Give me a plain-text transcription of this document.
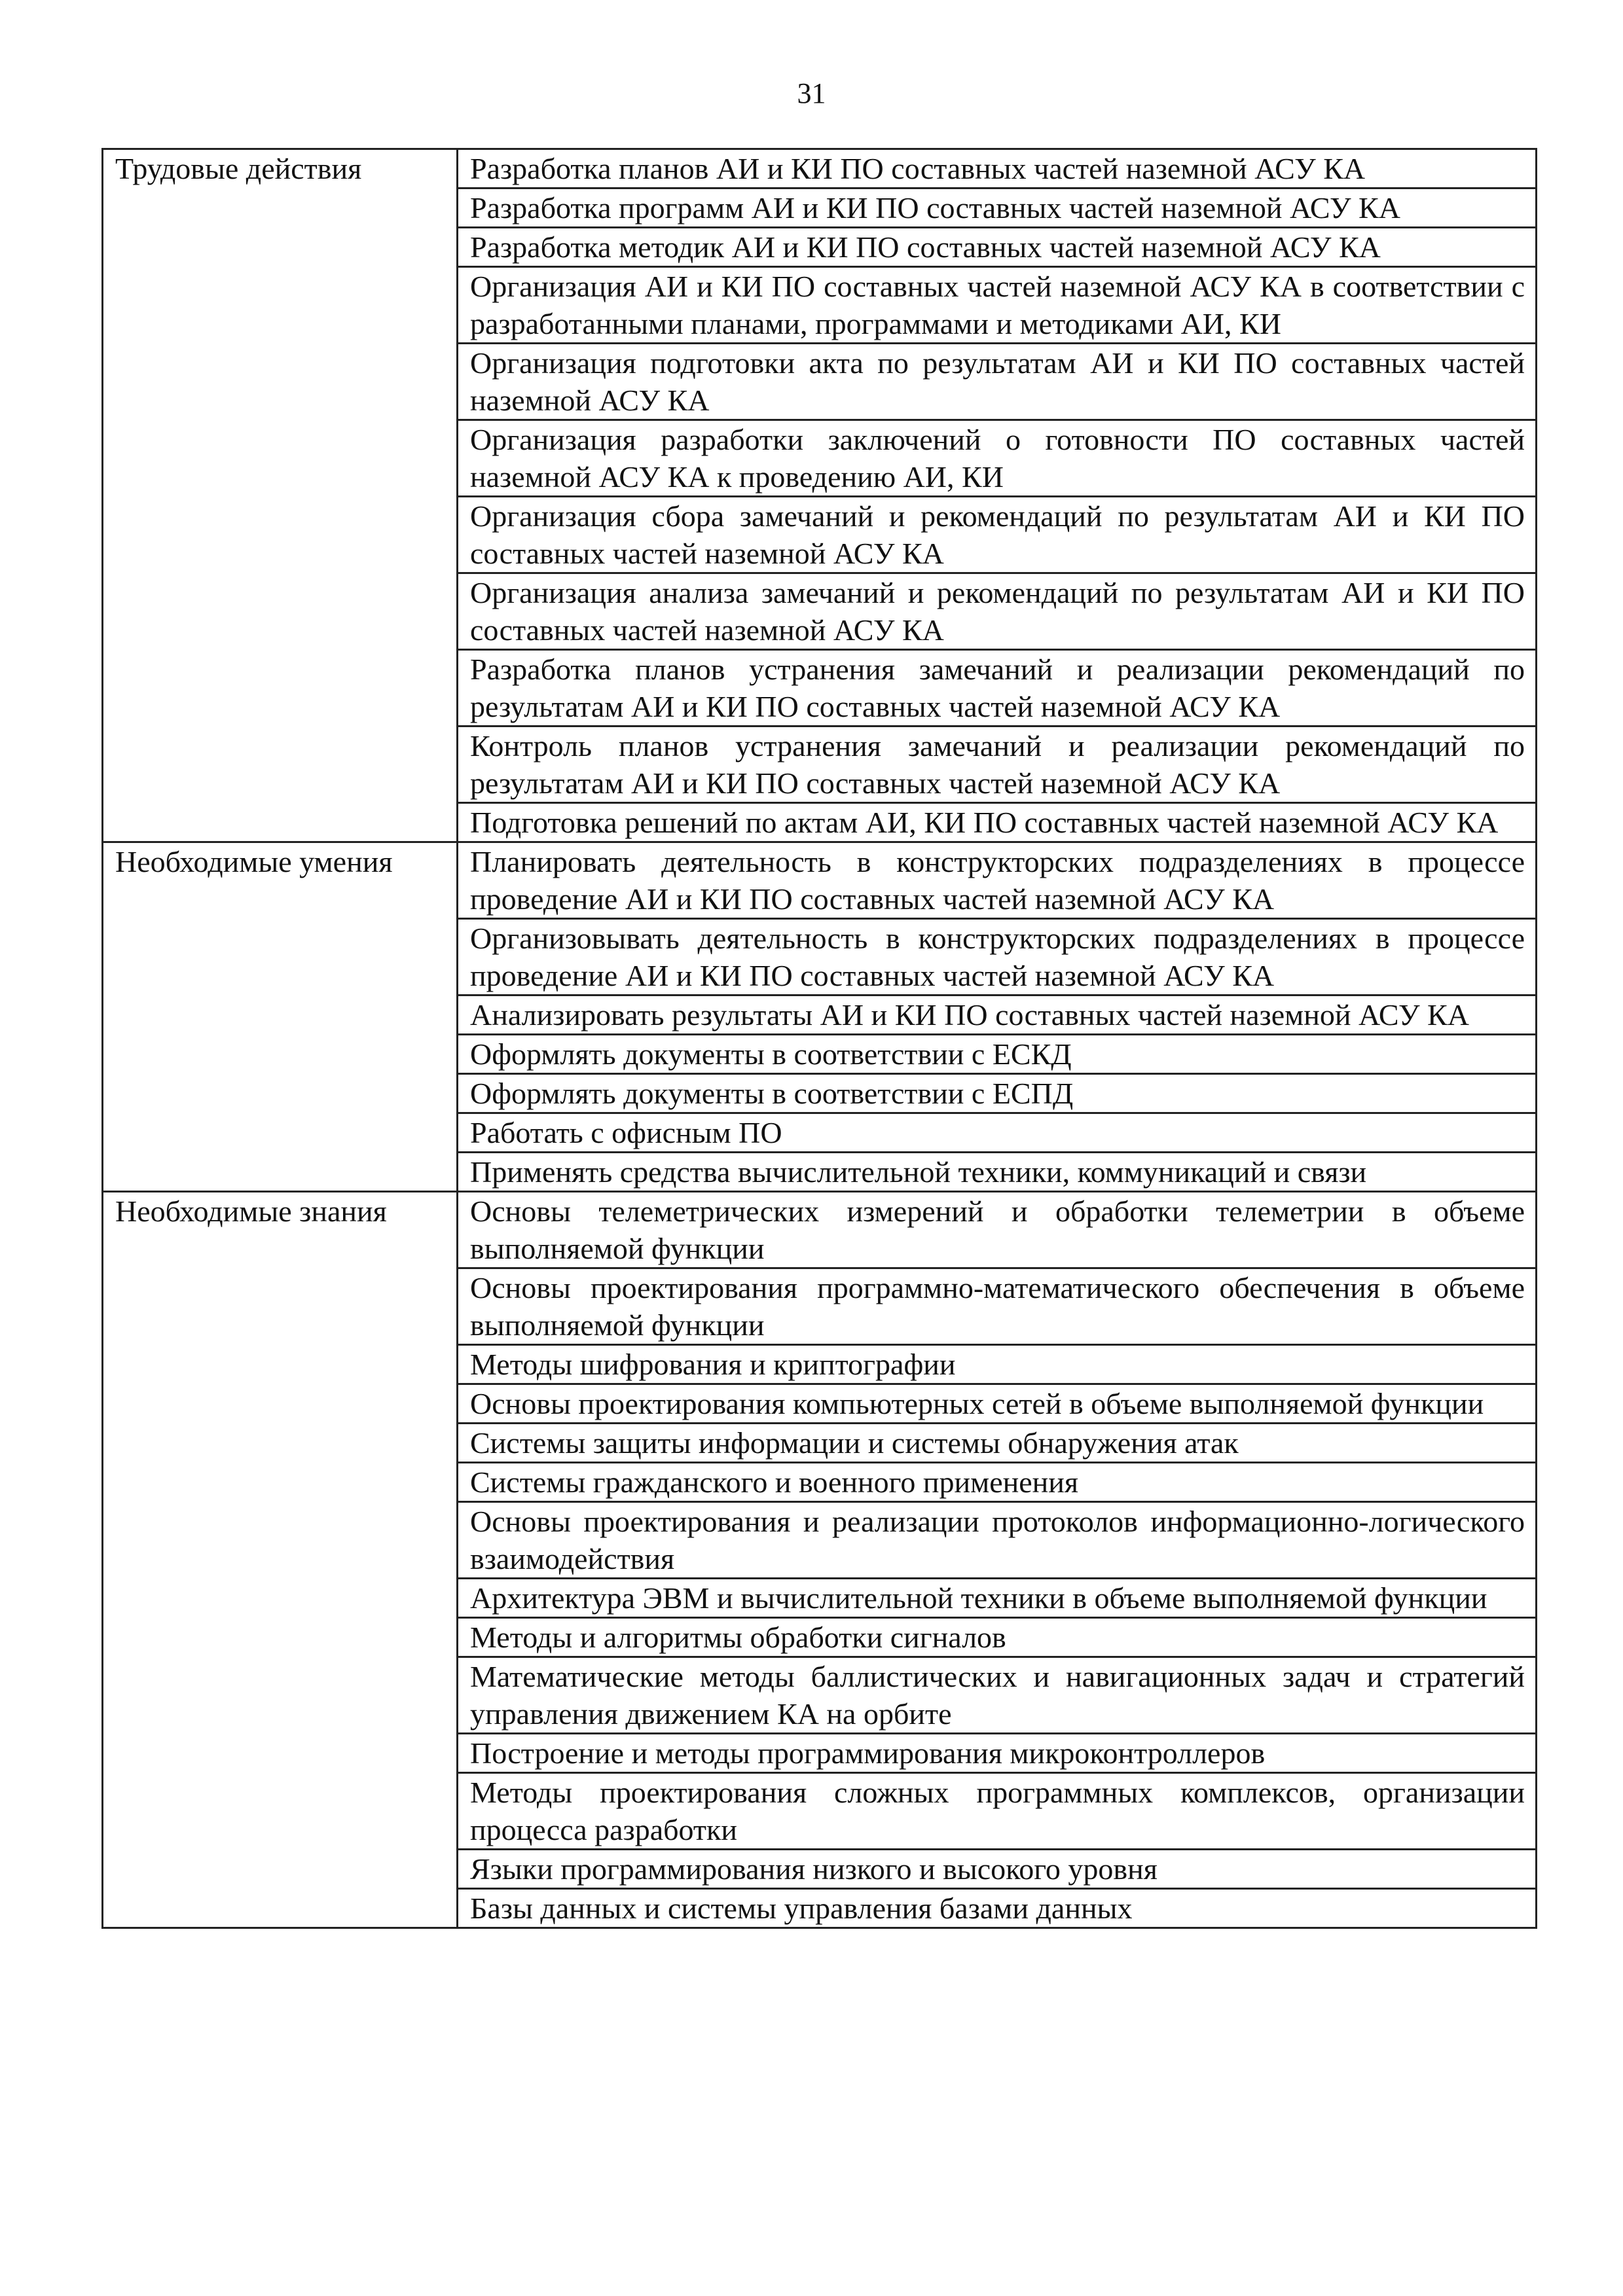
31
Трудовые действия	Разработка планов АИ и КИ ПО составных частей наземной АСУ КА
	Разработка программ АИ и КИ ПО составных частей наземной АСУ КА
	Разработка методик АИ и КИ ПО составных частей наземной АСУ КА
	Организация АИ и КИ ПО составных частей наземной АСУ КА в соответствии с разработанными планами, программами и методиками АИ, КИ
	Организация подготовки акта по результатам АИ и КИ ПО составных частей наземной АСУ КА
	Организация разработки заключений о готовности ПО составных частей наземной АСУ КА к проведению АИ, КИ
	Организация сбора замечаний и рекомендаций по результатам АИ и КИ ПО составных частей наземной АСУ КА
	Организация анализа замечаний и рекомендаций по результатам АИ и КИ ПО составных частей наземной АСУ КА
	Разработка планов устранения замечаний и реализации рекомендаций по результатам АИ и КИ ПО составных частей наземной АСУ КА
	Контроль планов устранения замечаний и реализации рекомендаций по результатам АИ и КИ ПО составных частей наземной АСУ КА
	Подготовка решений по актам АИ, КИ ПО составных частей наземной АСУ КА
Необходимые умения	Планировать деятельность в конструкторских подразделениях в процессе проведение АИ и КИ ПО составных частей наземной АСУ КА
	Организовывать деятельность в конструкторских подразделениях в процессе проведение АИ и КИ ПО составных частей наземной АСУ КА
	Анализировать результаты АИ и КИ ПО составных частей наземной АСУ КА
	Оформлять документы в соответствии с ЕСКД
	Оформлять документы в соответствии с ЕСПД
	Работать с офисным ПО
	Применять средства вычислительной техники, коммуникаций и связи
Необходимые знания	Основы телеметрических измерений и обработки телеметрии в объеме выполняемой функции
	Основы проектирования программно-математического обеспечения в объеме выполняемой функции
	Методы шифрования и криптографии
	Основы проектирования компьютерных сетей в объеме выполняемой функции
	Системы защиты информации и системы обнаружения атак
	Системы гражданского и военного применения
	Основы проектирования и реализации протоколов информационно-логического взаимодействия
	Архитектура ЭВМ и вычислительной техники в объеме выполняемой функции
	Методы и алгоритмы обработки сигналов
	Математические методы баллистических и навигационных задач и стратегий управления движением КА на орбите
	Построение и методы программирования микроконтроллеров
	Методы проектирования сложных программных комплексов, организации процесса разработки
	Языки программирования низкого и высокого уровня
	Базы данных и системы управления базами данных
